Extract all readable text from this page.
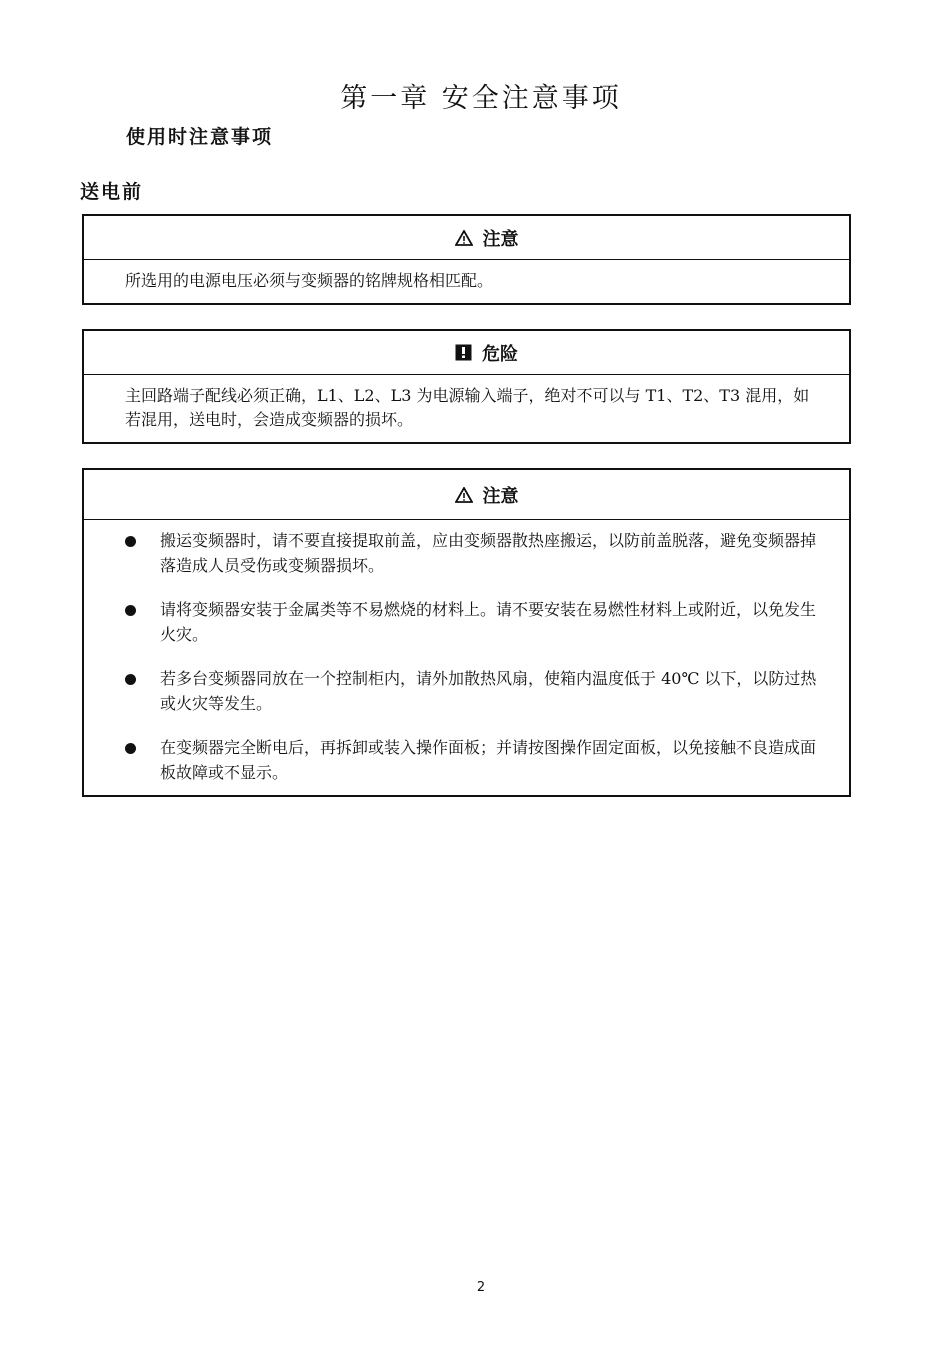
第一章 安全注意事项
使用时注意事项
送电前
注意
所选用的电源电压必须与变频器的铭牌规格相匹配。
危险
主回路端子配线必须正确，L1、L2、L3 为电源输入端子，绝对不可以与 T1、T2、T3 混用，如若混用，送电时，会造成变频器的损坏。
注意
搬运变频器时，请不要直接提取前盖，应由变频器散热座搬运，以防前盖脱落，避免变频器掉落造成人员受伤或变频器损坏。
请将变频器安装于金属类等不易燃烧的材料上。请不要安装在易燃性材料上或附近，以免发生火灾。
若多台变频器同放在一个控制柜内，请外加散热风扇，使箱内温度低于 40℃ 以下，以防过热或火灾等发生。
在变频器完全断电后，再拆卸或装入操作面板；并请按图操作固定面板，以免接触不良造成面板故障或不显示。
2
